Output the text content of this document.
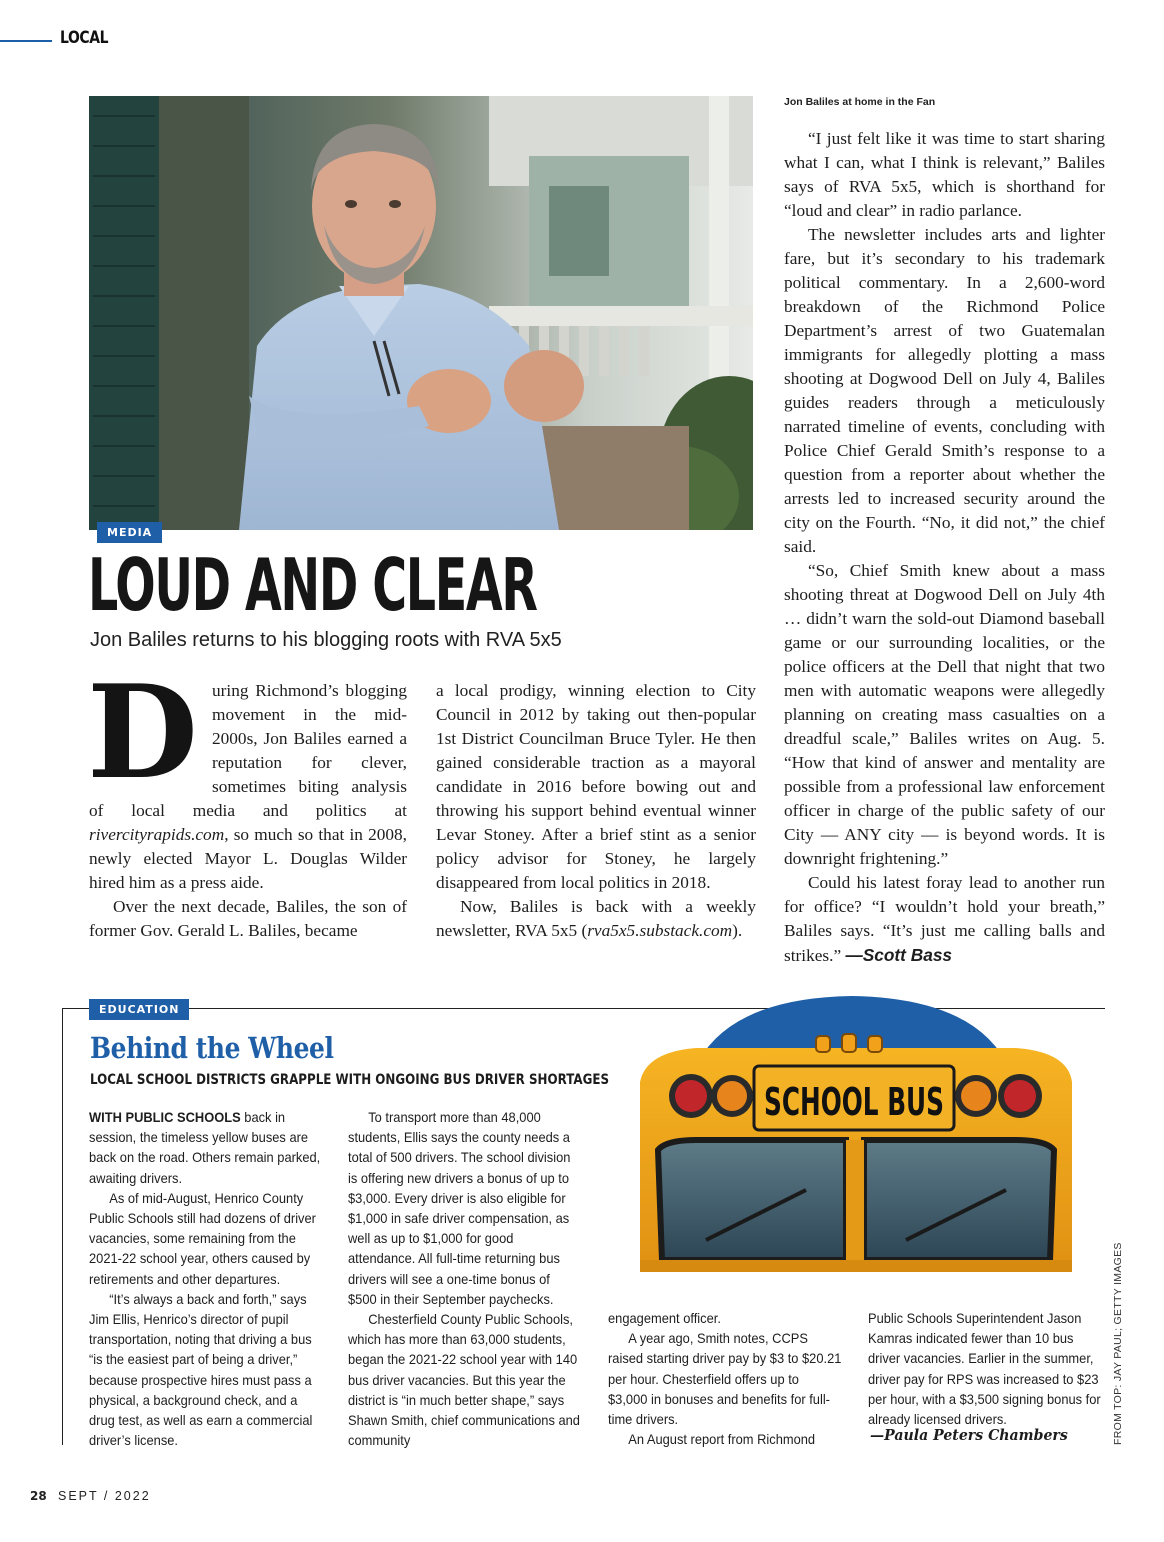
LOCAL
MEDIA
LOUD AND CLEAR
Jon Baliles returns to his blogging roots with RVA 5x5
Jon Baliles at home in the Fan

During Richmond’s blogging movement in the mid-2000s, Jon Baliles earned a reputation for clever, sometimes biting analysis of local media and politics at rivercityrapids.com, so much so that in 2008, newly elected Mayor L. Douglas Wilder hired him as a press aide.

Over the next decade, Baliles, the son of former Gov. Gerald L. Baliles, became

a local prodigy, winning election to City Council in 2012 by taking out then-popular 1st District Councilman Bruce Tyler. He then gained considerable traction as a mayoral candidate in 2016 before bowing out and throwing his support behind eventual winner Levar Stoney. After a brief stint as a senior policy advisor for Stoney, he largely disappeared from local politics in 2018.

Now, Baliles is back with a weekly newsletter, RVA 5x5 (rva5x5.substack.com).

“I just felt like it was time to start sharing what I can, what I think is relevant,” Baliles says of RVA 5x5, which is shorthand for “loud and clear” in radio parlance.

The newsletter includes arts and lighter fare, but it’s secondary to his trademark political commentary. In a 2,600-word breakdown of the Richmond Police Department’s arrest of two Guatemalan immigrants for allegedly plotting a mass shooting at Dogwood Dell on July 4, Baliles guides readers through a meticulously narrated timeline of events, concluding with Police Chief Gerald Smith’s response to a question from a reporter about whether the arrests led to increased security around the city on the Fourth. “No, it did not,” the chief said.

“So, Chief Smith knew about a mass shooting threat at Dogwood Dell on July 4th … didn’t warn the sold-out Diamond baseball game or our surrounding localities, or the police officers at the Dell that night that two men with automatic weapons were allegedly planning on creating mass casualties on a dreadful scale,” Baliles writes on Aug. 5. “How that kind of answer and mentality are possible from a professional law enforcement officer in charge of the public safety of our City — ANY city — is beyond words. It is downright frightening.”

Could his latest foray lead to another run for office? “I wouldn’t hold your breath,” Baliles says. “It’s just me calling balls and strikes.” —Scott Bass

EDUCATION
Behind the Wheel
LOCAL SCHOOL DISTRICTS GRAPPLE WITH ONGOING BUS DRIVER SHORTAGES

WITH PUBLIC SCHOOLS back in session, the timeless yellow buses are back on the road. Others remain parked, awaiting drivers.

As of mid-August, Henrico County Public Schools still had dozens of driver vacancies, some remaining from the 2021-22 school year, others caused by retirements and other departures.

“It’s always a back and forth,” says Jim Ellis, Henrico’s director of pupil transportation, noting that driving a bus “is the easiest part of being a driver,” because prospective hires must pass a physical, a background check, and a drug test, as well as earn a commercial driver’s license.

To transport more than 48,000 students, Ellis says the county needs a total of 500 drivers. The school division is offering new drivers a bonus of up to $3,000. Every driver is also eligible for $1,000 in safe driver compensation, as well as up to $1,000 for good attendance. All full-time returning bus drivers will see a one-time bonus of $500 in their September paychecks.

Chesterfield County Public Schools, which has more than 63,000 students, began the 2021-22 school year with 140 bus driver vacancies. But this year the district is “in much better shape,” says Shawn Smith, chief communications and community

engagement officer.

A year ago, Smith notes, CCPS raised starting driver pay by $3 to $20.21 per hour. Chesterfield offers up to $3,000 in bonuses and benefits for full-time drivers.

An August report from Richmond

Public Schools Superintendent Jason Kamras indicated fewer than 10 bus driver vacancies. Earlier in the summer, driver pay for RPS was increased to $23 per hour, with a $3,500 signing bonus for already licensed drivers.

—Paula Peters Chambers
SCHOOL BUS
FROM TOP: JAY PAUL; GETTY IMAGES
28 SEPT / 2022
